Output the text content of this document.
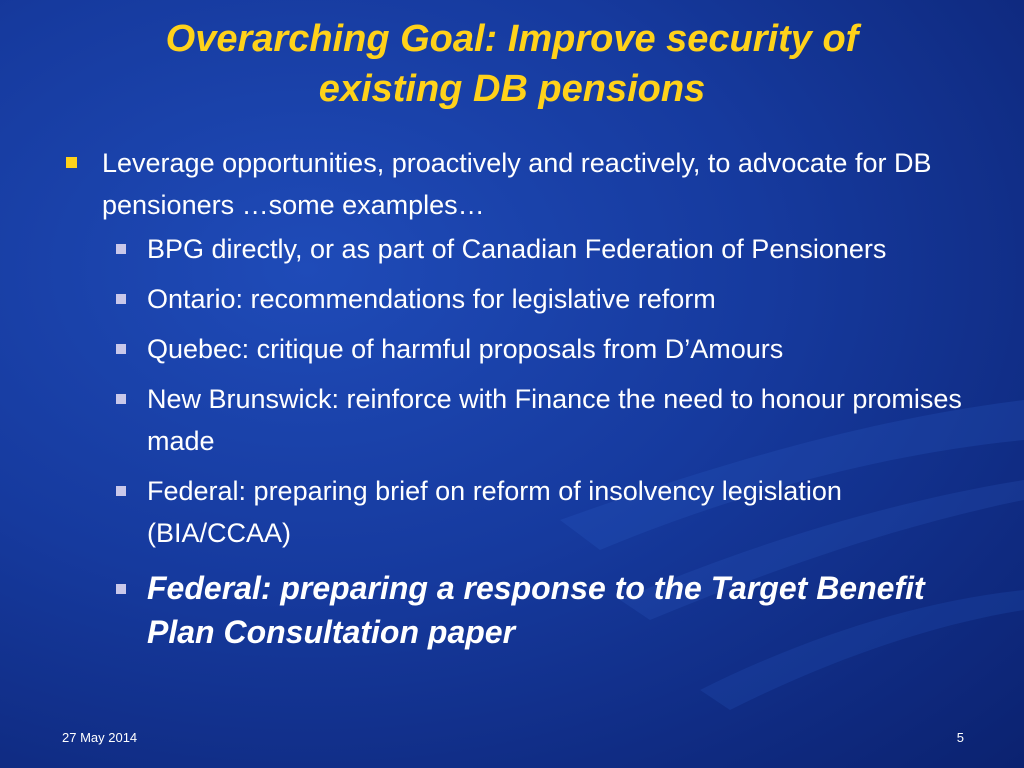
Overarching Goal: Improve security of
existing DB pensions
Leverage opportunities, proactively and reactively, to advocate for DB pensioners …some examples…
BPG directly, or as part of Canadian Federation of Pensioners
Ontario: recommendations for legislative reform
Quebec: critique of harmful proposals from D’Amours
New Brunswick: reinforce with Finance the need to honour promises made
Federal: preparing brief on reform of insolvency legislation (BIA/CCAA)
Federal: preparing a response to the Target Benefit Plan Consultation paper
27 May 2014	5
